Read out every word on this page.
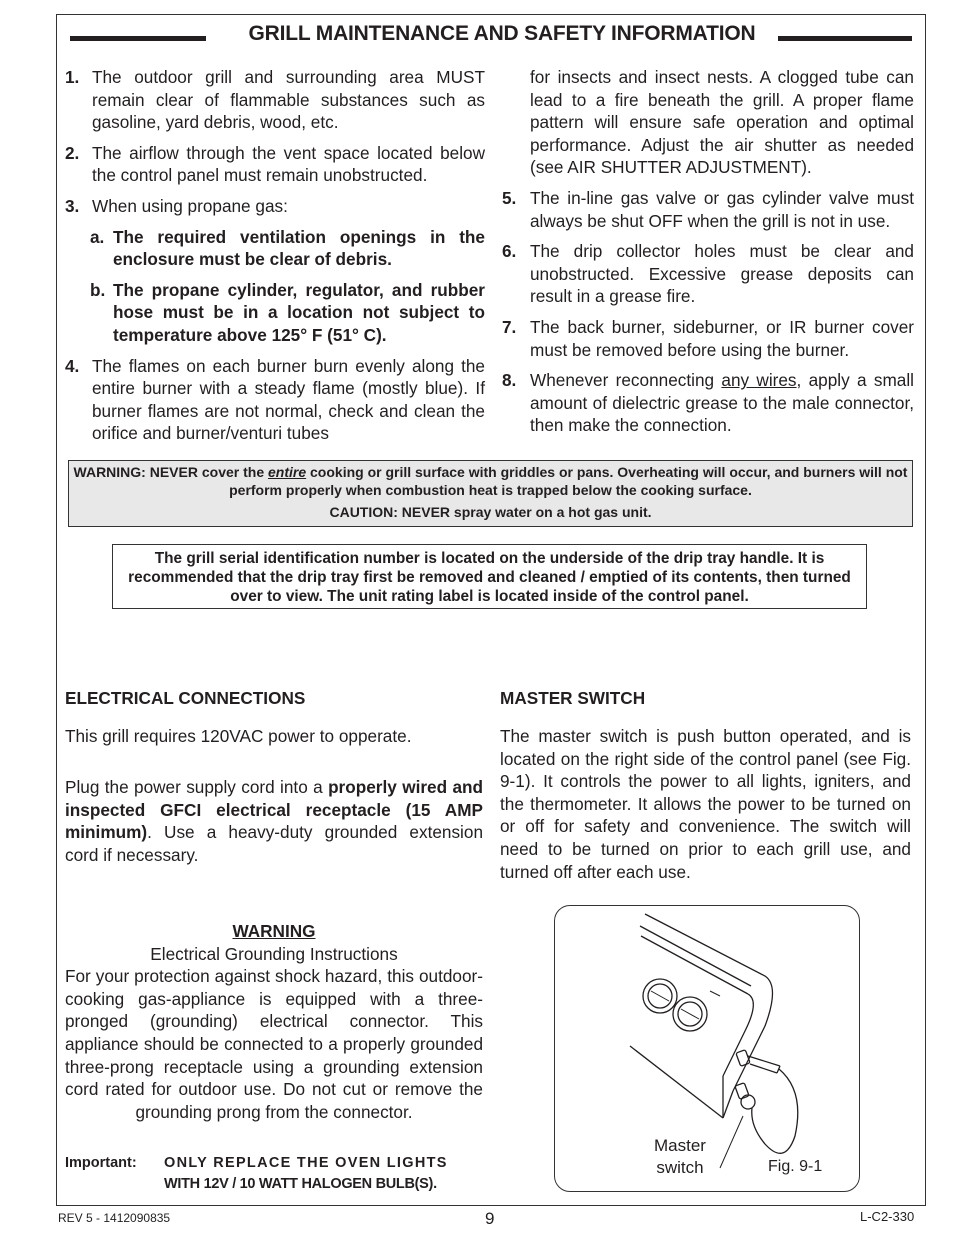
GRILL MAINTENANCE AND SAFETY INFORMATION
1. The outdoor grill and surrounding area MUST remain clear of flammable substances such as gasoline, yard debris, wood, etc.
2. The airflow through the vent space located below the control panel must remain unobstructed.
3. When using propane gas:
a. The required ventilation openings in the enclosure must be clear of debris.
b. The propane cylinder, regulator, and rubber hose must be in a location not subject to temperature above 125° F (51° C).
4. The flames on each burner burn evenly along the entire burner with a steady flame (mostly blue). If burner flames are not normal, check and clean the orifice and burner/venturi tubes
for insects and insect nests. A clogged tube can lead to a fire beneath the grill. A proper flame pattern will ensure safe operation and optimal performance. Adjust the air shutter as needed (see AIR SHUTTER ADJUSTMENT).
5. The in-line gas valve or gas cylinder valve must always be shut OFF when the grill is not in use.
6. The drip collector holes must be clear and unobstructed. Excessive grease deposits can result in a grease fire.
7. The back burner, sideburner, or IR burner cover must be removed before using the burner.
8. Whenever reconnecting any wires, apply a small amount of dielectric grease to the male connector, then make the connection.
WARNING: NEVER cover the entire cooking or grill surface with griddles or pans. Overheating will occur, and burners will not perform properly when combustion heat is trapped below the cooking surface.
CAUTION: NEVER spray water on a hot gas unit.
The grill serial identification number is located on the underside of the drip tray handle. It is recommended that the drip tray first be removed and cleaned / emptied of its contents, then turned over to view. The unit rating label is located inside of the control panel.
ELECTRICAL CONNECTIONS
This grill requires 120VAC power to opperate.
Plug the power supply cord into a properly wired and inspected GFCI electrical receptacle (15 AMP minimum). Use a heavy-duty grounded extension cord if necessary.
MASTER SWITCH
The master switch is push button operated, and is located on the right side of the control panel (see Fig. 9-1). It controls the power to all lights, igniters, and the thermometer. It allows the power to be turned on or off for safety and convenience. The switch will need to be turned on prior to each grill use, and turned off after each use.
WARNING
Electrical Grounding Instructions
For your protection against shock hazard, this outdoor-cooking gas-appliance is equipped with a three-pronged (grounding) electrical connector. This appliance should be connected to a properly grounded three-prong receptacle using a grounding extension cord rated for outdoor use. Do not cut or remove the grounding prong from the connector.
Important: ONLY REPLACE THE OVEN LIGHTS
WITH 12V / 10 WATT HALOGEN BULB(S).
Master
switch	Fig. 9-1
REV 5 - 1412090835	9	L-C2-330
